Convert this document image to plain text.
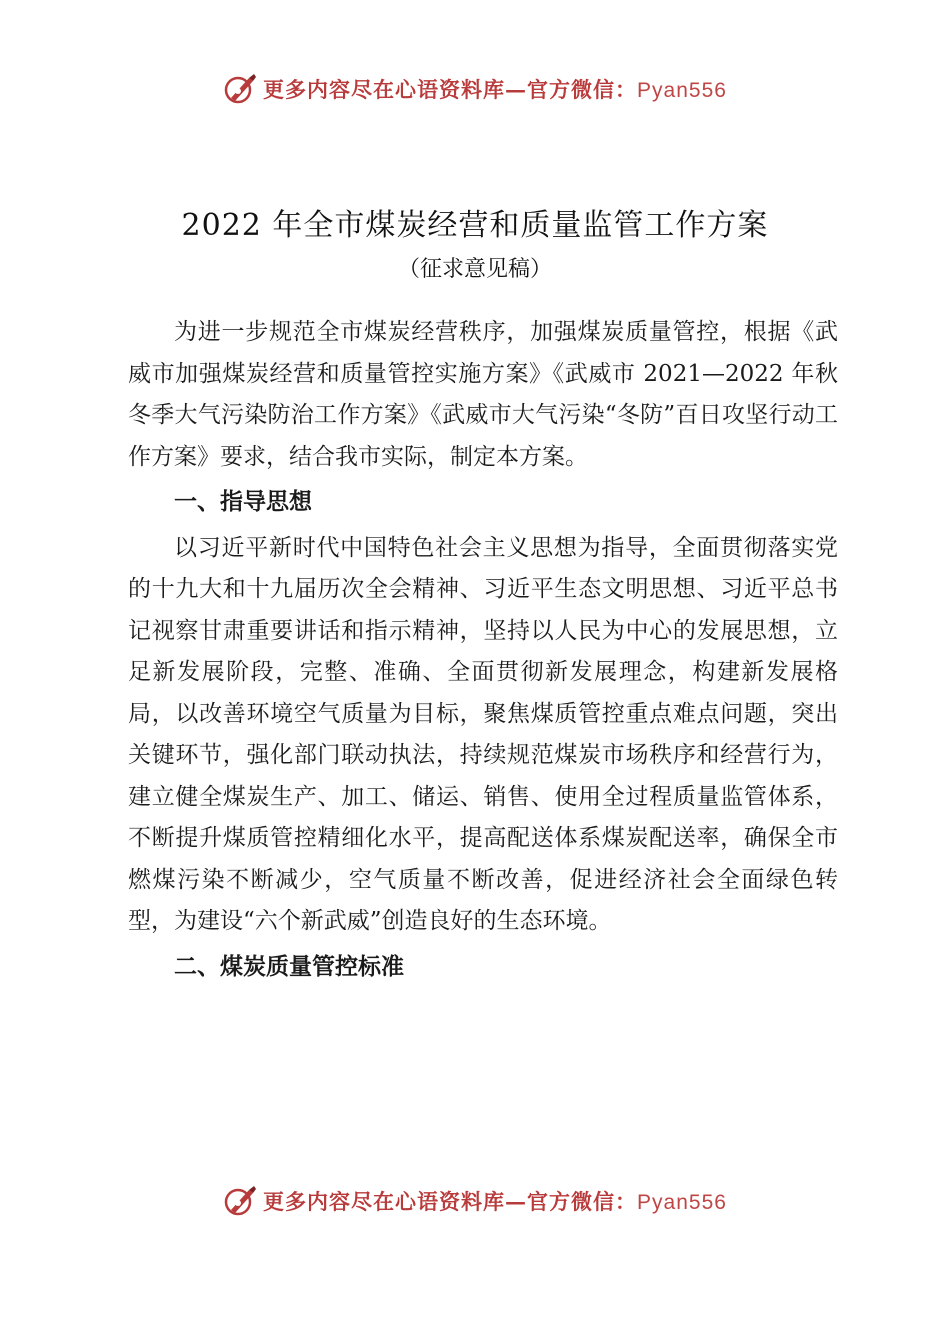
更多内容尽在心语资料库—官方微信：Pyan556
2022 年全市煤炭经营和质量监管工作方案
（征求意见稿）

为进一步规范全市煤炭经营秩序，加强煤炭质量管控，根据《武威市加强煤炭经营和质量管控实施方案》《武威市 2021—2022 年秋冬季大气污染防治工作方案》《武威市大气污染“冬防”百日攻坚行动工作方案》要求，结合我市实际，制定本方案。

一、指导思想

以习近平新时代中国特色社会主义思想为指导，全面贯彻落实党的十九大和十九届历次全会精神、习近平生态文明思想、习近平总书记视察甘肃重要讲话和指示精神，坚持以人民为中心的发展思想，立足新发展阶段，完整、准确、全面贯彻新发展理念，构建新发展格局，以改善环境空气质量为目标，聚焦煤质管控重点难点问题，突出关键环节，强化部门联动执法，持续规范煤炭市场秩序和经营行为，建立健全煤炭生产、加工、储运、销售、使用全过程质量监管体系，不断提升煤质管控精细化水平，提高配送体系煤炭配送率，确保全市燃煤污染不断减少，空气质量不断改善，促进经济社会全面绿色转型，为建设“六个新武威”创造良好的生态环境。

二、煤炭质量管控标准
更多内容尽在心语资料库—官方微信：Pyan556
